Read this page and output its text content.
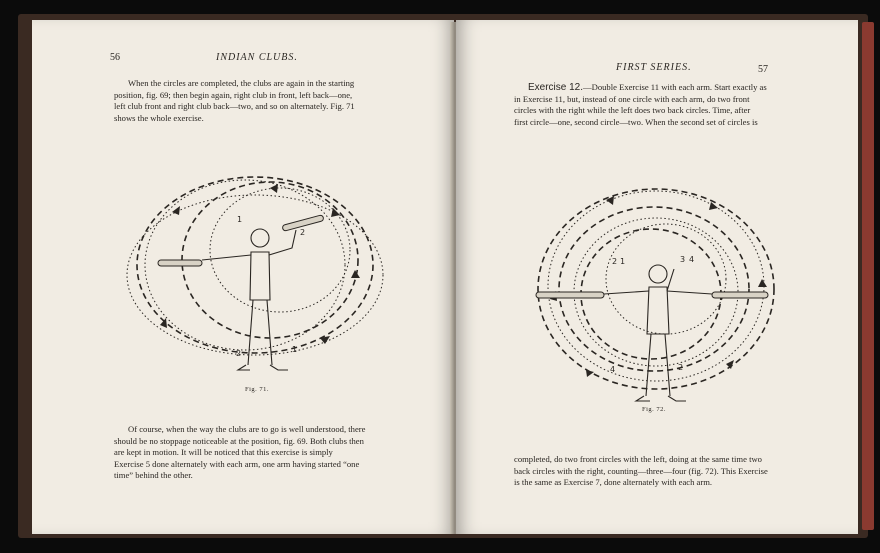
56	INDIAN CLUBS.
When the circles are completed, the clubs are again in the starting
position, fig. 69; then begin again, right club in front, left back—one,
left club front and right club back—two, and so on alternately. Fig. 71
shows the whole exercise.
1
2
2	1
Fig. 71.
Of course, when the way the clubs are to go is well understood, there
should be no stoppage noticeable at the position, fig. 69. Both clubs then
are kept in motion. It will be noticed that this exercise is simply
Exercise 5 done alternately with each arm, one arm having started “one
time” behind the other.
FIRST SERIES.	57
Exercise 12.—Double Exercise 11 with each arm. Start exactly as
in Exercise 11, but, instead of one circle with each arm, do two front
circles with the right while the left does two back circles. Time, after
first circle—one, second circle—two. When the second set of circles is
2 1	3 4
4	2
Fig. 72.
completed, do two front circles with the left, doing at the same time two
back circles with the right, counting—three—four (fig. 72). This Exercise
is the same as Exercise 7, done alternately with each arm.
